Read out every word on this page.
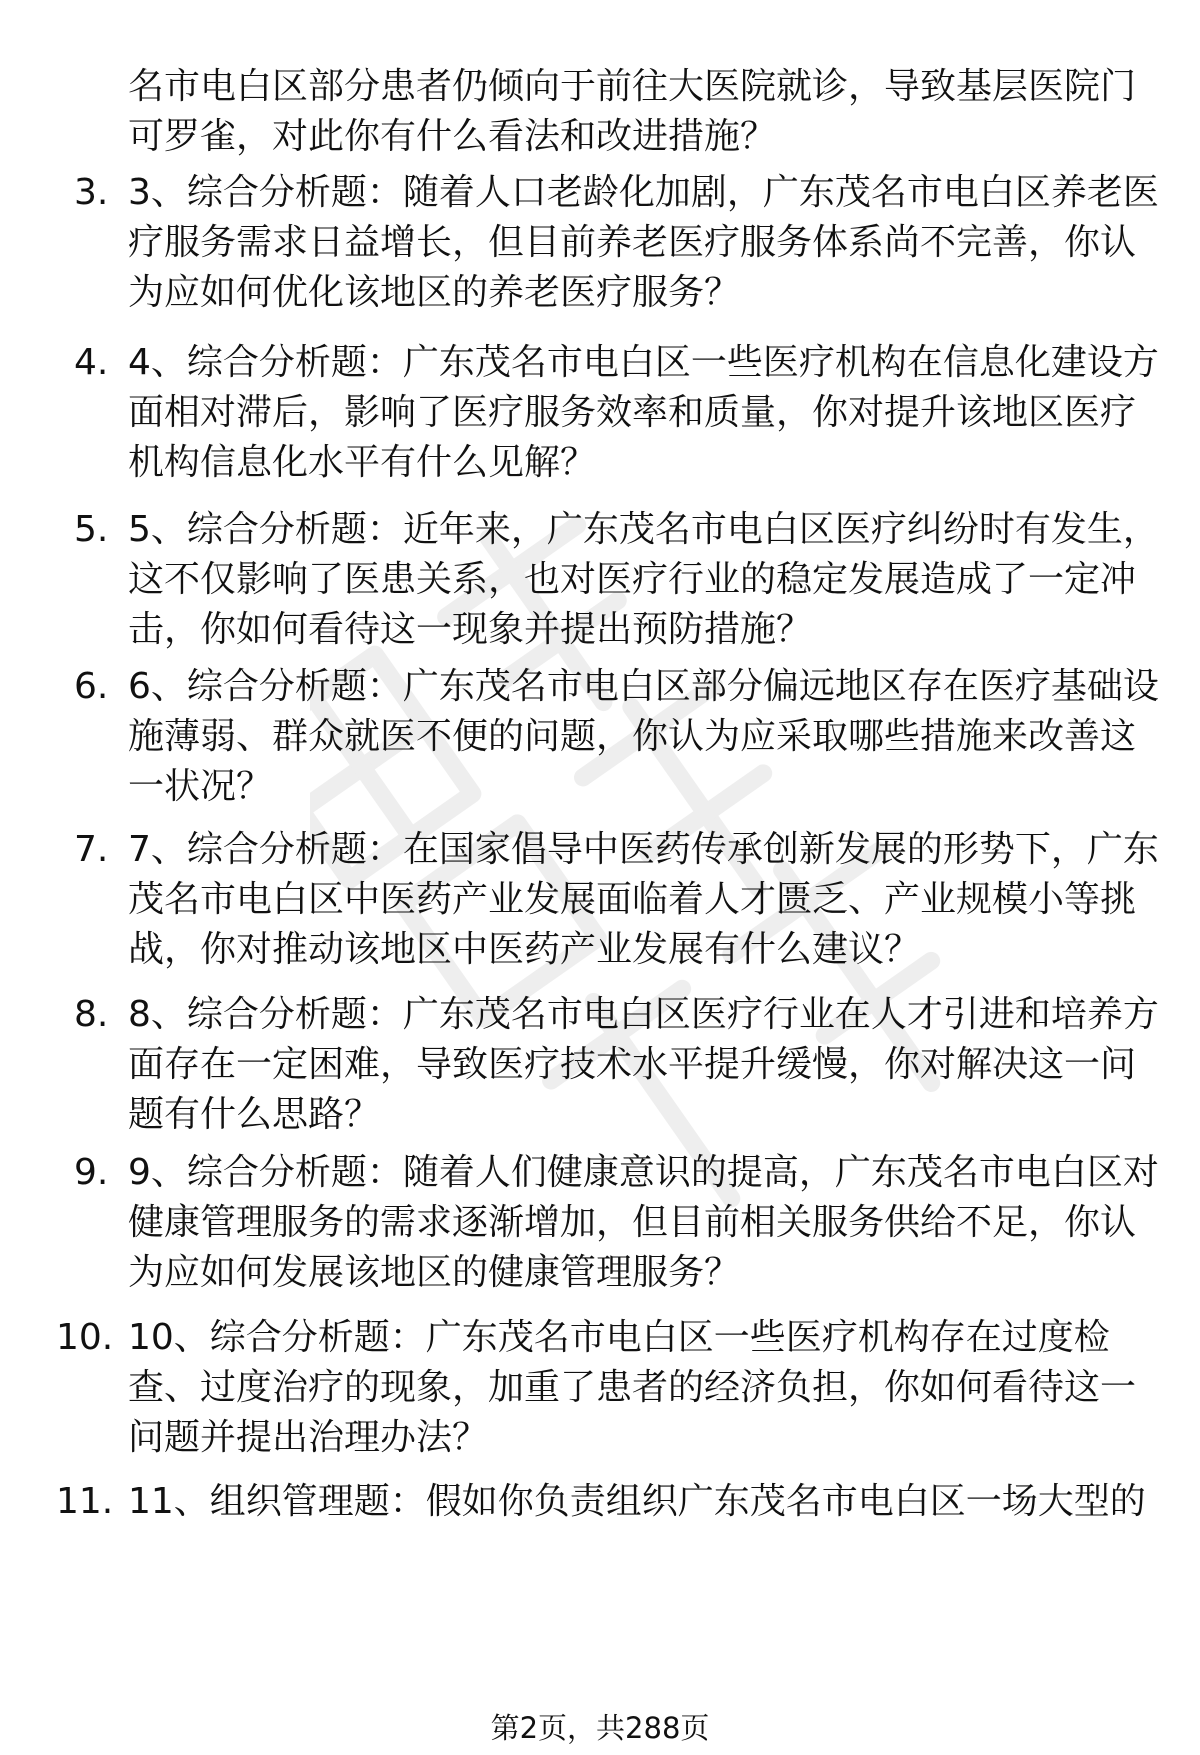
名市电白区部分患者仍倾向于前往大医院就诊，导致基层医院门
可罗雀，对此你有什么看法和改进措施？

3.

3、综合分析题：随着人口老龄化加剧，广东茂名市电白区养老医
疗服务需求日益增长，但目前养老医疗服务体系尚不完善，你认
为应如何优化该地区的养老医疗服务？

4.

4、综合分析题：广东茂名市电白区一些医疗机构在信息化建设方
面相对滞后，影响了医疗服务效率和质量，你对提升该地区医疗
机构信息化水平有什么见解？

5.

5、综合分析题：近年来，广东茂名市电白区医疗纠纷时有发生，
这不仅影响了医患关系，也对医疗行业的稳定发展造成了一定冲
击，你如何看待这一现象并提出预防措施？

6.

6、综合分析题：广东茂名市电白区部分偏远地区存在医疗基础设
施薄弱、群众就医不便的问题，你认为应采取哪些措施来改善这
一状况？

7.

7、综合分析题：在国家倡导中医药传承创新发展的形势下，广东
茂名市电白区中医药产业发展面临着人才匮乏、产业规模小等挑
战，你对推动该地区中医药产业发展有什么建议？

8.

8、综合分析题：广东茂名市电白区医疗行业在人才引进和培养方
面存在一定困难，导致医疗技术水平提升缓慢，你对解决这一问
题有什么思路？

9.

9、综合分析题：随着人们健康意识的提高，广东茂名市电白区对
健康管理服务的需求逐渐增加，但目前相关服务供给不足，你认
为应如何发展该地区的健康管理服务？

10.

10、综合分析题：广东茂名市电白区一些医疗机构存在过度检
查、过度治疗的现象，加重了患者的经济负担，你如何看待这一
问题并提出治理办法？

11.

11、组织管理题：假如你负责组织广东茂名市电白区一场大型的

第2页，共288页
